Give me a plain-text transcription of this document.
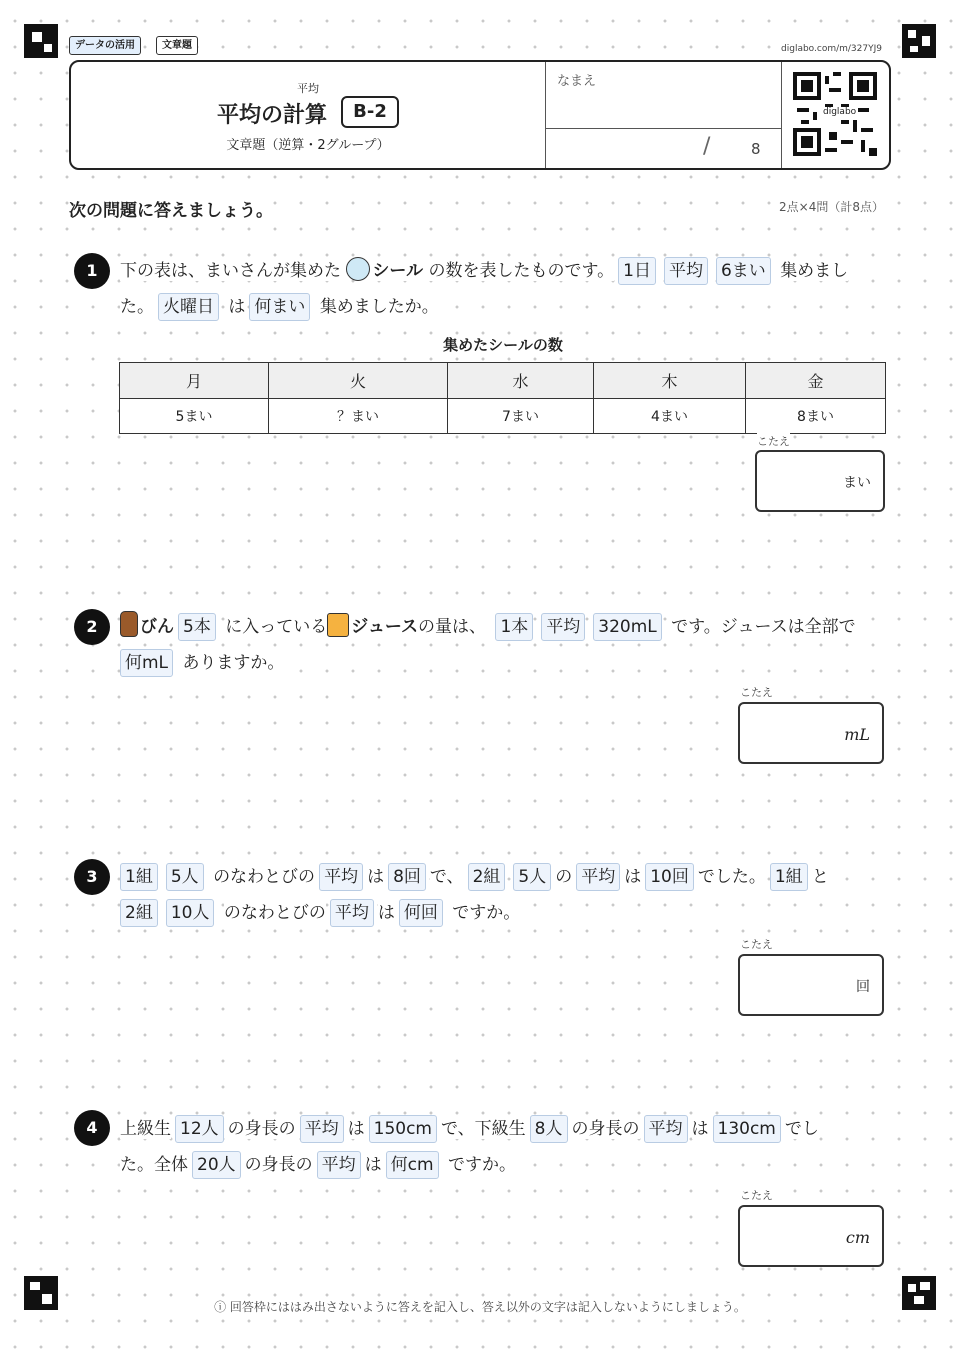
データの活用	文章題	diglabo.com/m/327YJ9
平均
平均の計算	B-2
文章題（逆算・2グループ）
なまえ
/	8
diglabo
次の問題に答えましょう。	2点×4問（計8点）
1	下の表は、まいさんが集めた シール の数を表したものです。 1日 平均 6まい 集めまし
た。 火曜日 は 何まい 集めましたか。
集めたシールの数
月	火	水	木	金
5まい	？まい	7まい	4まい	8まい
こたえ
まい
2	びん 5本 に入っている ジュースの量は、 1本 平均 320mL です。ジュースは全部で
何mL ありますか。
こたえ
mL
3	1組 5人 のなわとびの 平均 は 8回 で、 2組 5人 の 平均 は 10回 でした。 1組 と
2組 10人 のなわとびの 平均 は 何回 ですか。
こたえ
回
4	上級生 12人 の身長の 平均 は 150cm で、下級生 8人 の身長の 平均 は 130cm でし
た。全体 20人 の身長の 平均 は 何cm ですか。
こたえ
cm
ⓘ 回答枠にははみ出さないように答えを記入し、答え以外の文字は記入しないようにしましょう。
